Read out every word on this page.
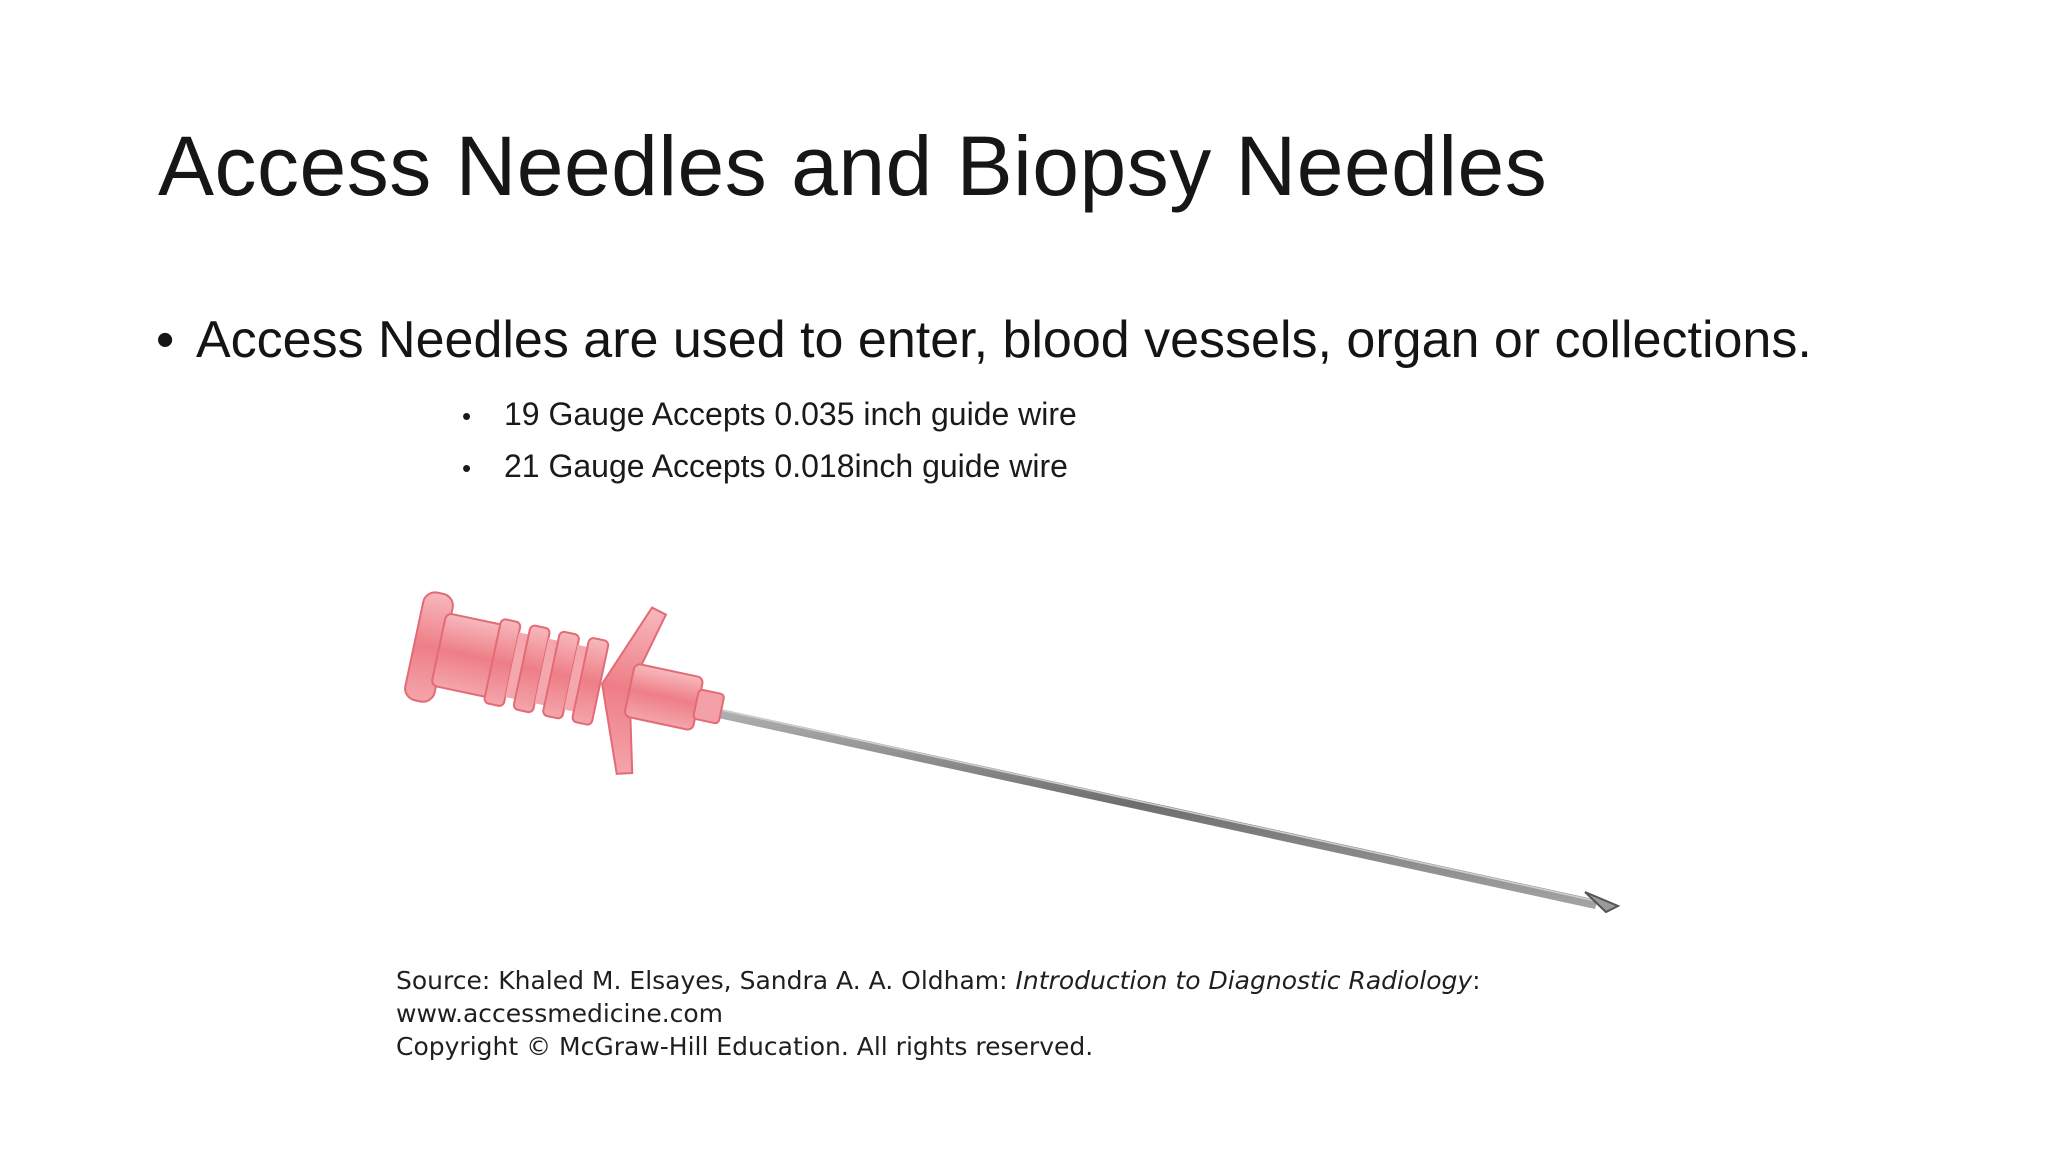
Access Needles and Biopsy Needles
• Access Needles are used to enter, blood vessels, organ or collections.
• 19 Gauge Accepts 0.035 inch guide wire
• 21 Gauge Accepts 0.018inch guide wire
Source: Khaled M. Elsayes, Sandra A. A. Oldham: Introduction to Diagnostic Radiology:
www.accessmedicine.com
Copyright © McGraw-Hill Education. All rights reserved.
